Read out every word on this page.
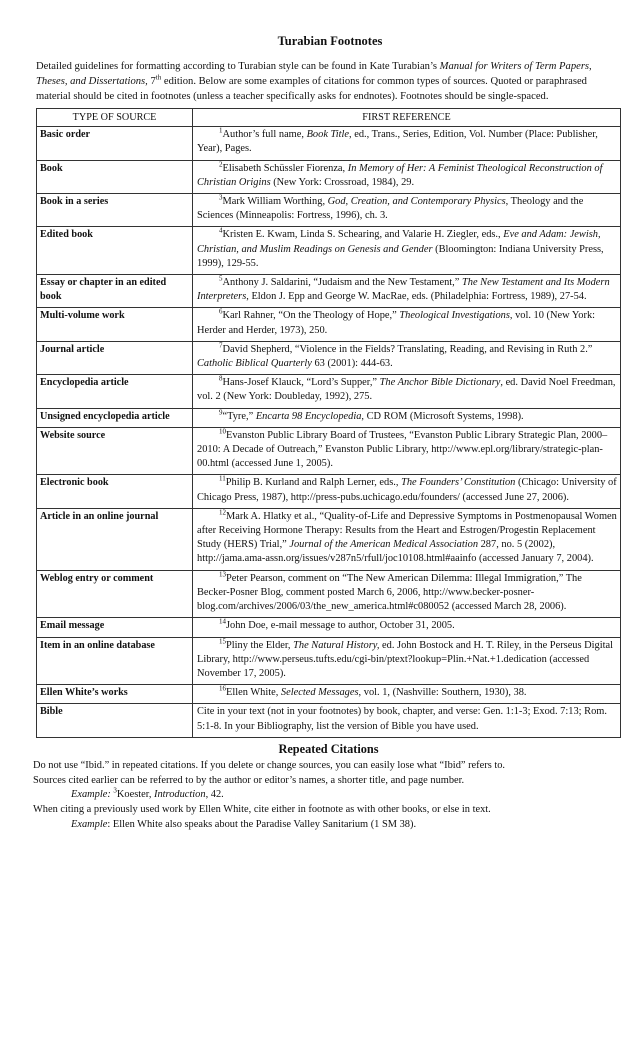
Turabian Footnotes

Detailed guidelines for formatting according to Turabian style can be found in Kate Turabian’s Manual for Writers of Term Papers, Theses, and Dissertations, 7th edition. Below are some examples of citations for common types of sources. Quoted or paraphrased material should be cited in footnotes (unless a teacher specifically asks for endnotes). Footnotes should be single-spaced.

TYPE OF SOURCE	FIRST REFERENCE
Basic order	$^1$Author’s full name, Book Title, ed., Trans., Series, Edition, Vol. Number (Place: Publisher, Year), Pages.
Book	$^2$Elisabeth Schüssler Fiorenza, In Memory of Her: A Feminist Theological Reconstruction of Christian Origins (New York: Crossroad, 1984), 29.
Book in a series	$^3$Mark William Worthing, God, Creation, and Contemporary Physics, Theology and the Sciences (Minneapolis: Fortress, 1996), ch. 3.
Edited book	$^4$Kristen E. Kwam, Linda S. Schearing, and Valarie H. Ziegler, eds., Eve and Adam: Jewish, Christian, and Muslim Readings on Genesis and Gender (Bloomington: Indiana University Press, 1999), 129-55.
Essay or chapter in an edited book	$^5$Anthony J. Saldarini, “Judaism and the New Testament,” The New Testament and Its Modern Interpreters, Eldon J. Epp and George W. MacRae, eds. (Philadelphia: Fortress, 1989), 27-54.
Multi-volume work	$^6$Karl Rahner, “On the Theology of Hope,” Theological Investigations, vol. 10 (New York: Herder and Herder, 1973), 250.
Journal article	$^7$David Shepherd, “Violence in the Fields? Translating, Reading, and Revising in Ruth 2.” Catholic Biblical Quarterly 63 (2001): 444-63.
Encyclopedia article	$^8$Hans-Josef Klauck, “Lord’s Supper,” The Anchor Bible Dictionary, ed. David Noel Freedman, vol. 2 (New York: Doubleday, 1992), 275.
Unsigned encyclopedia article	$^9$“Tyre,” Encarta 98 Encyclopedia, CD ROM (Microsoft Systems, 1998).
Website source	$^{10}$Evanston Public Library Board of Trustees, “Evanston Public Library Strategic Plan, 2000–2010: A Decade of Outreach,” Evanston Public Library, http://www.epl.org/library/strategic-plan-00.html (accessed June 1, 2005).
Electronic book	$^{11}$Philip B. Kurland and Ralph Lerner, eds., The Founders’ Constitution (Chicago: University of Chicago Press, 1987), http://press-pubs.uchicago.edu/founders/ (accessed June 27, 2006).
Article in an online journal	$^{12}$Mark A. Hlatky et al., “Quality-of-Life and Depressive Symptoms in Postmenopausal Women after Receiving Hormone Therapy: Results from the Heart and Estrogen/Progestin Replacement Study (HERS) Trial,” Journal of the American Medical Association 287, no. 5 (2002), http://jama.ama-assn.org/issues/v287n5/rfull/joc10108.html#aainfo (accessed January 7, 2004).
Weblog entry or comment	$^{13}$Peter Pearson, comment on “The New American Dilemma: Illegal Immigration,” The Becker-Posner Blog, comment posted March 6, 2006, http://www.becker-posner-blog.com/archives/2006/03/the_new_america.html#c080052 (accessed March 28, 2006).
Email message	$^{14}$John Doe, e-mail message to author, October 31, 2005.
Item in an online database	$^{15}$Pliny the Elder, The Natural History, ed. John Bostock and H. T. Riley, in the Perseus Digital Library, http://www.perseus.tufts.edu/cgi-bin/ptext?lookup=Plin.+Nat.+1.dedication (accessed November 17, 2005).
Ellen White’s works	$^{16}$Ellen White, Selected Messages, vol. 1, (Nashville: Southern, 1930), 38.
Bible	Cite in your text (not in your footnotes) by book, chapter, and verse: Gen. 1:1-3; Exod. 7:13; Rom. 5:1-8. In your Bibliography, list the version of Bible you have used.
Repeated Citations

Do not use “Ibid.” in repeated citations. If you delete or change sources, you can easily lose what “Ibid” refers to.

Sources cited earlier can be referred to by the author or editor’s names, a shorter title, and page number.

Example: $^3$Koester, Introduction, 42.

When citing a previously used work by Ellen White, cite either in footnote as with other books, or else in text.

Example: Ellen White also speaks about the Paradise Valley Sanitarium (1 SM 38).
